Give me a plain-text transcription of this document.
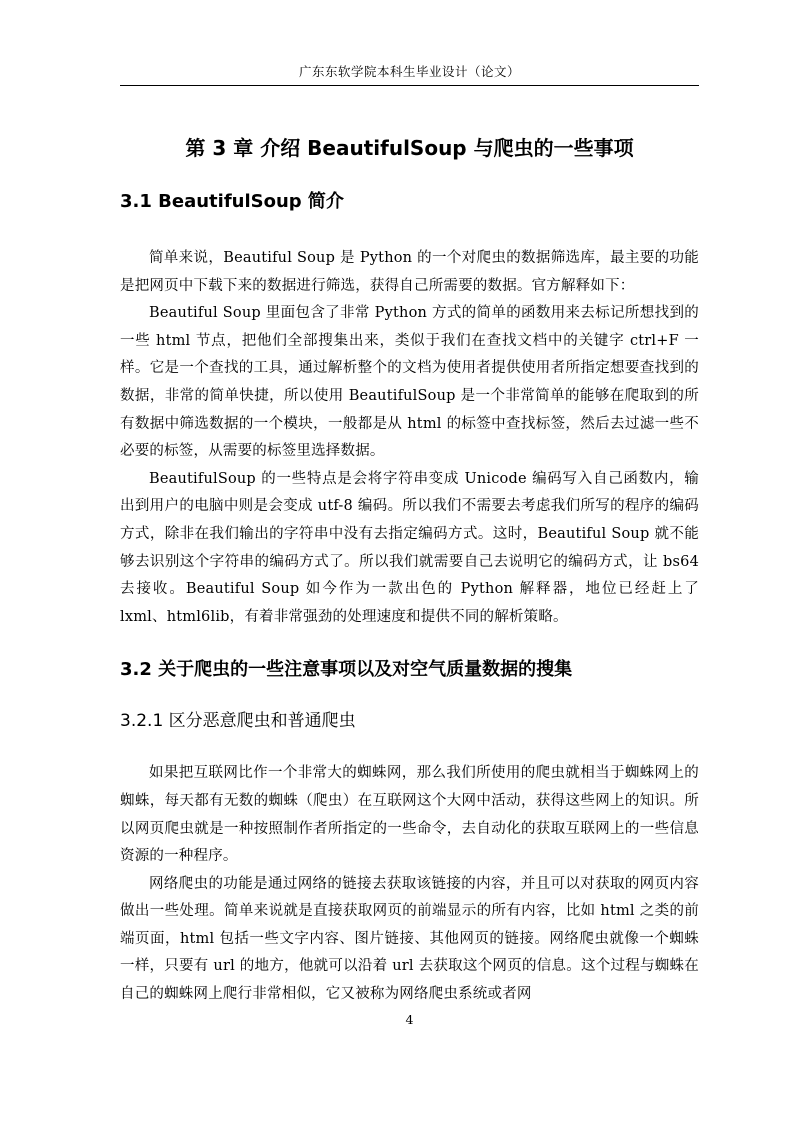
广东东软学院本科生毕业设计（论文）
第 3 章 介绍 BeautifulSoup 与爬虫的一些事项
3.1 BeautifulSoup 简介

简单来说，Beautiful Soup 是 Python 的一个对爬虫的数据筛选库，最主要的功能是把网页中下载下来的数据进行筛选，获得自己所需要的数据。官方解释如下：

Beautiful Soup 里面包含了非常 Python 方式的简单的函数用来去标记所想找到的一些 html 节点，把他们全部搜集出来，类似于我们在查找文档中的关键字 ctrl+F 一样。它是一个查找的工具，通过解析整个的文档为使用者提供使用者所指定想要查找到的数据，非常的简单快捷，所以使用 BeautifulSoup 是一个非常简单的能够在爬取到的所有数据中筛选数据的一个模块，一般都是从 html 的标签中查找标签，然后去过滤一些不必要的标签，从需要的标签里选择数据。

BeautifulSoup 的一些特点是会将字符串变成 Unicode 编码写入自己函数内，输出到用户的电脑中则是会变成 utf-8 编码。所以我们不需要去考虑我们所写的程序的编码方式，除非在我们输出的字符串中没有去指定编码方式。这时，Beautiful Soup 就不能够去识别这个字符串的编码方式了。所以我们就需要自己去说明它的编码方式，让 bs64 去接收。Beautiful Soup 如今作为一款出色的 Python 解释器，地位已经赶上了 lxml、html6lib，有着非常强劲的处理速度和提供不同的解析策略。

3.2 关于爬虫的一些注意事项以及对空气质量数据的搜集
3.2.1 区分恶意爬虫和普通爬虫

如果把互联网比作一个非常大的蜘蛛网，那么我们所使用的爬虫就相当于蜘蛛网上的蜘蛛，每天都有无数的蜘蛛（爬虫）在互联网这个大网中活动，获得这些网上的知识。所以网页爬虫就是一种按照制作者所指定的一些命令，去自动化的获取互联网上的一些信息资源的一种程序。

网络爬虫的功能是通过网络的链接去获取该链接的内容，并且可以对获取的网页内容做出一些处理。简单来说就是直接获取网页的前端显示的所有内容，比如 html 之类的前端页面，html 包括一些文字内容、图片链接、其他网页的链接。网络爬虫就像一个蜘蛛一样，只要有 url 的地方，他就可以沿着 url 去获取这个网页的信息。这个过程与蜘蛛在自己的蜘蛛网上爬行非常相似，它又被称为网络爬虫系统或者网

4
